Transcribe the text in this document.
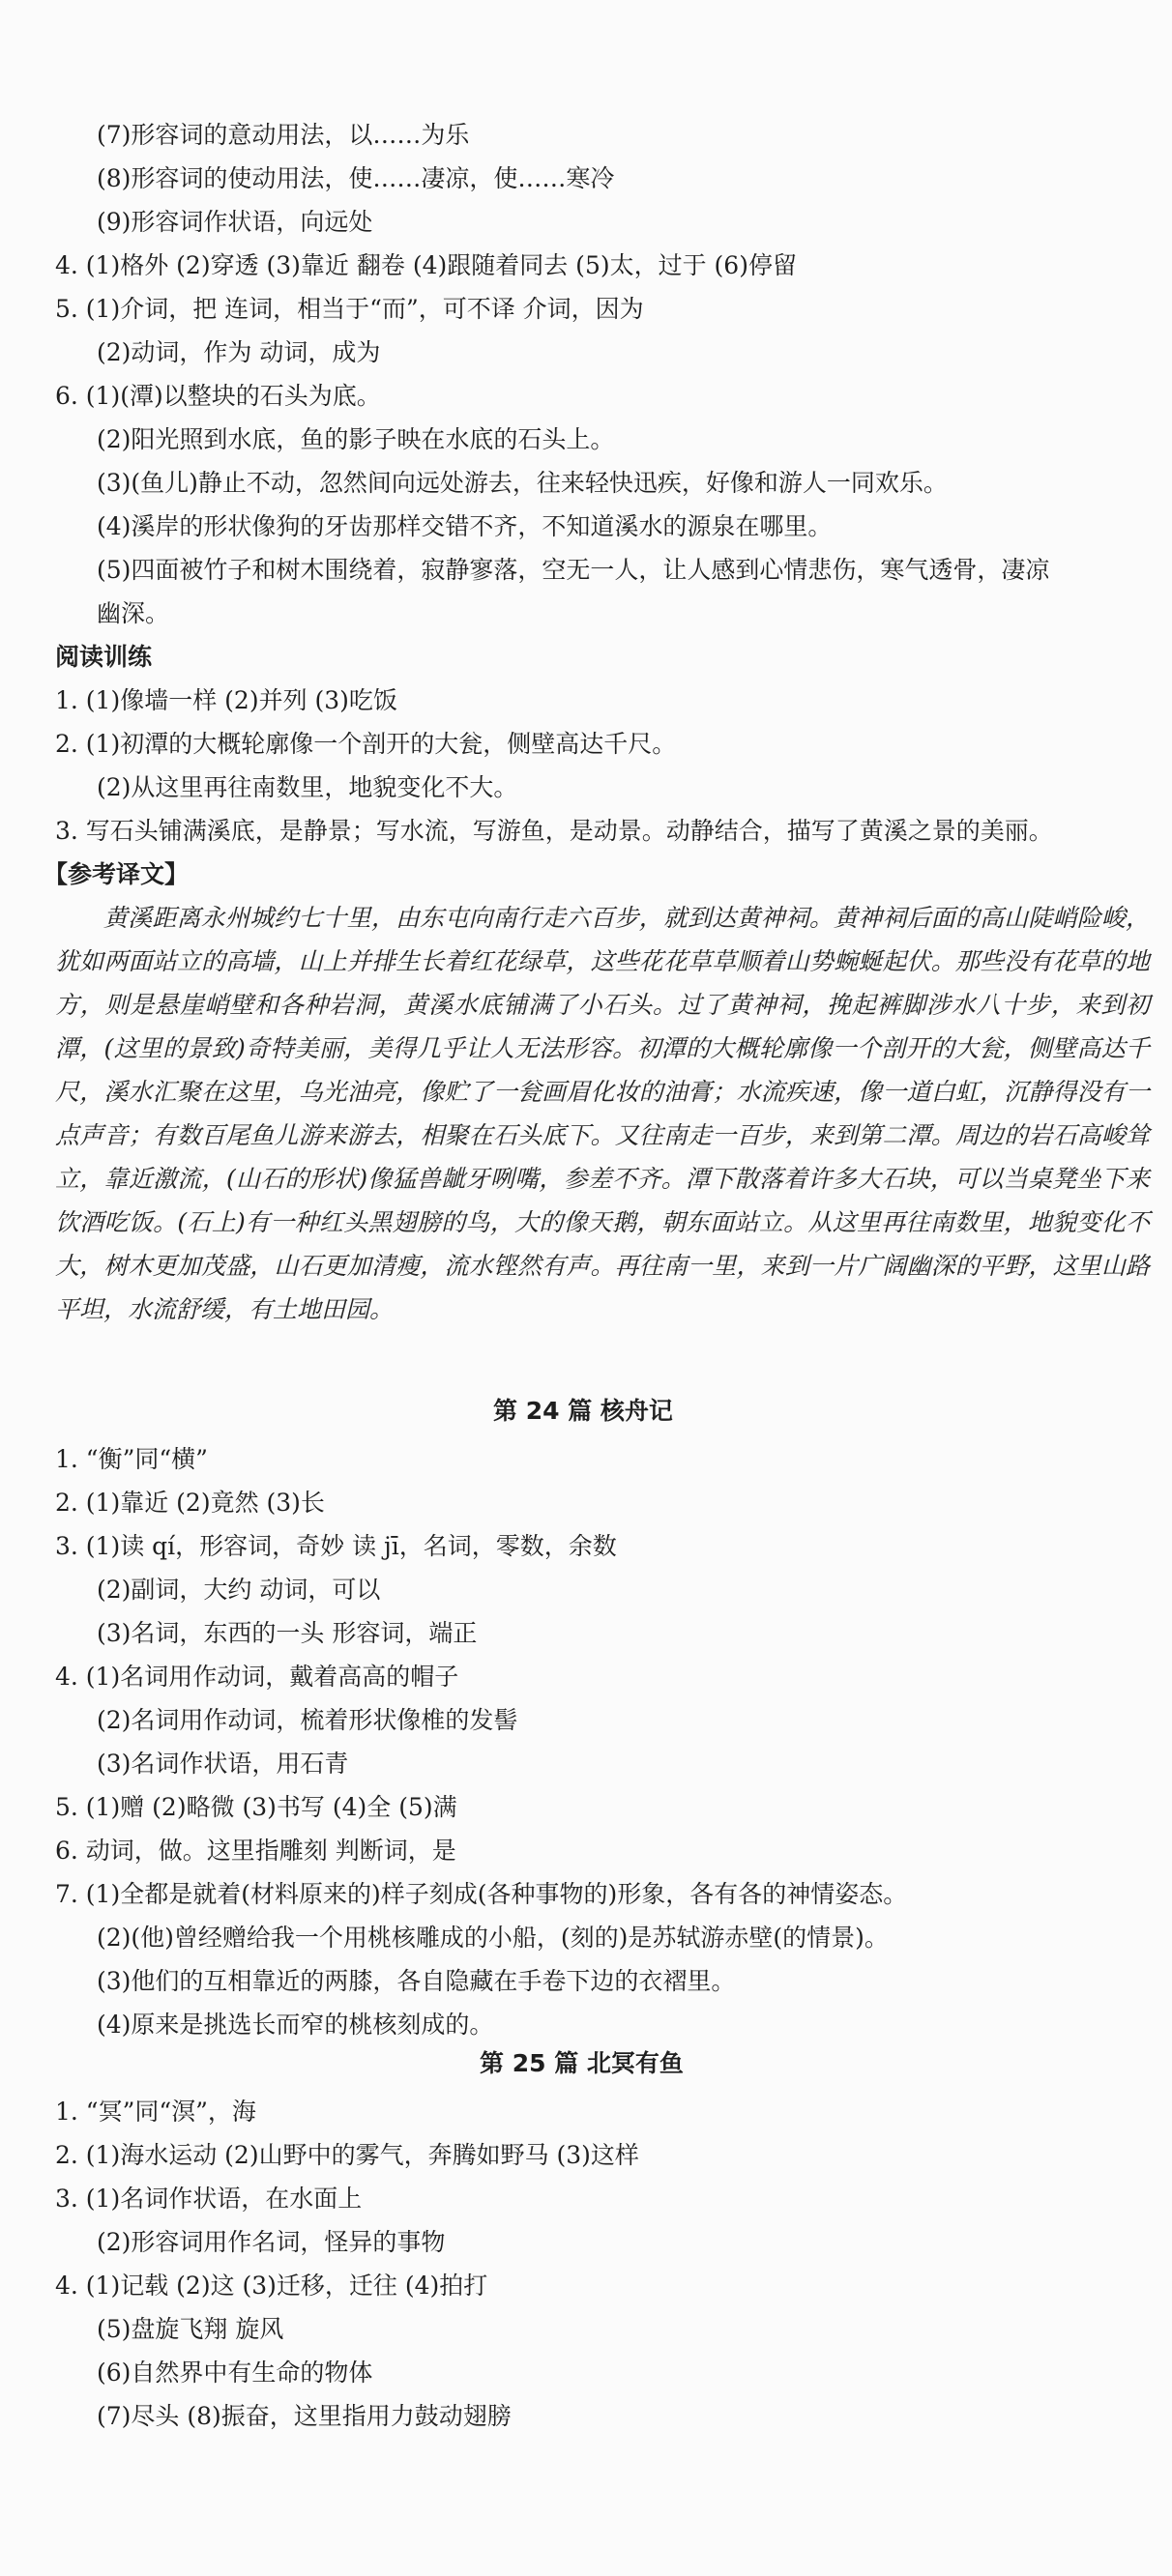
(7)形容词的意动用法，以……为乐
(8)形容词的使动用法，使……凄凉，使……寒冷
(9)形容词作状语，向远处
4. (1)格外 (2)穿透 (3)靠近 翻卷 (4)跟随着同去 (5)太，过于 (6)停留
5. (1)介词，把 连词，相当于“而”，可不译 介词，因为
(2)动词，作为 动词，成为
6. (1)(潭)以整块的石头为底。
(2)阳光照到水底，鱼的影子映在水底的石头上。
(3)(鱼儿)静止不动，忽然间向远处游去，往来轻快迅疾，好像和游人一同欢乐。
(4)溪岸的形状像狗的牙齿那样交错不齐，不知道溪水的源泉在哪里。
(5)四面被竹子和树木围绕着，寂静寥落，空无一人，让人感到心情悲伤，寒气透骨，凄凉
幽深。
阅读训练
1. (1)像墙一样 (2)并列 (3)吃饭
2. (1)初潭的大概轮廓像一个剖开的大瓮，侧壁高达千尺。
(2)从这里再往南数里，地貌变化不大。
3. 写石头铺满溪底，是静景；写水流，写游鱼，是动景。动静结合，描写了黄溪之景的美丽。
【参考译文】
1. “衡”同“横”
2. (1)靠近 (2)竟然 (3)长
3. (1)读 qí，形容词，奇妙 读 jī，名词，零数，余数
(2)副词，大约 动词，可以
(3)名词，东西的一头 形容词，端正
4. (1)名词用作动词，戴着高高的帽子
(2)名词用作动词，梳着形状像椎的发髻
(3)名词作状语，用石青
5. (1)赠 (2)略微 (3)书写 (4)全 (5)满
6. 动词，做。这里指雕刻 判断词，是
7. (1)全都是就着(材料原来的)样子刻成(各种事物的)形象，各有各的神情姿态。
(2)(他)曾经赠给我一个用桃核雕成的小船，(刻的)是苏轼游赤壁(的情景)。
(3)他们的互相靠近的两膝，各自隐藏在手卷下边的衣褶里。
(4)原来是挑选长而窄的桃核刻成的。
1. “冥”同“溟”，海
2. (1)海水运动 (2)山野中的雾气，奔腾如野马 (3)这样
3. (1)名词作状语，在水面上
(2)形容词用作名词，怪异的事物
4. (1)记载 (2)这 (3)迁移，迁往 (4)拍打
(5)盘旋飞翔 旋风
(6)自然界中有生命的物体
(7)尽头 (8)振奋，这里指用力鼓动翅膀
黄溪距离永州城约七十里，由东屯向南行走六百步，就到达黄神祠。黄神祠后面的高山陡峭险峻，犹如两面站立的高墙，山上并排生长着红花绿草，这些花花草草顺着山势蜿蜒起伏。那些没有花草的地方，则是悬崖峭壁和各种岩洞，黄溪水底铺满了小石头。过了黄神祠，挽起裤脚涉水八十步，来到初潭，(这里的景致)奇特美丽，美得几乎让人无法形容。初潭的大概轮廓像一个剖开的大瓮，侧壁高达千尺，溪水汇聚在这里，乌光油亮，像贮了一瓮画眉化妆的油膏；水流疾速，像一道白虹，沉静得没有一点声音；有数百尾鱼儿游来游去，相聚在石头底下。又往南走一百步，来到第二潭。周边的岩石高峻耸立，靠近激流，(山石的形状)像猛兽龇牙咧嘴，参差不齐。潭下散落着许多大石块，可以当桌凳坐下来饮酒吃饭。(石上)有一种红头黑翅膀的鸟，大的像天鹅，朝东面站立。从这里再往南数里，地貌变化不大，树木更加茂盛，山石更加清瘦，流水铿然有声。再往南一里，来到一片广阔幽深的平野，这里山路平坦，水流舒缓，有土地田园。
第 24 篇 核舟记
第 25 篇 北冥有鱼
